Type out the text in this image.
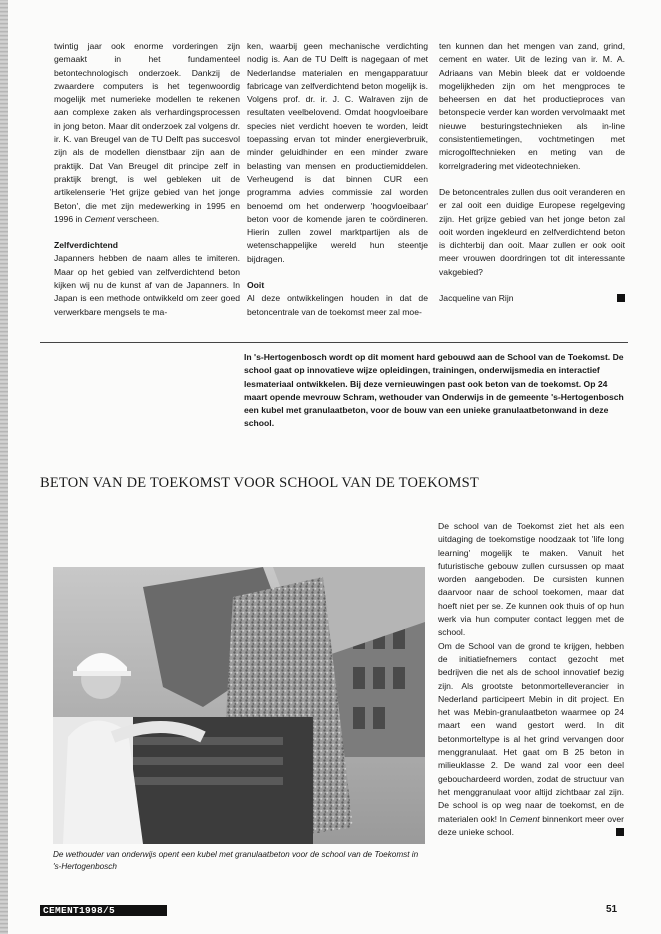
twintig jaar ook enorme vorderingen zijn gemaakt in het fundamenteel betontechnologisch onderzoek. Dankzij de zwaardere computers is het tegenwoordig mogelijk met numerieke modellen te rekenen aan complexe zaken als verhardingsprocessen in jong beton. Maar dit onderzoek zal volgens dr. ir. K. van Breugel van de TU Delft pas succesvol zijn als de modellen dienstbaar zijn aan de praktijk. Dat Van Breugel dit principe zelf in praktijk brengt, is wel gebleken uit de artikelenserie 'Het grijze gebied van het jonge Beton', die met zijn medewerking in 1995 en 1996 in Cement verscheen.

Zelfverdichtend

Japanners hebben de naam alles te imiteren. Maar op het gebied van zelfverdichtend beton kijken wij nu de kunst af van de Japanners. In Japan is een methode ontwikkeld om zeer goed verwerkbare mengsels te ma-

ken, waarbij geen mechanische verdichting nodig is. Aan de TU Delft is nagegaan of met Nederlandse materialen en mengapparatuur fabricage van zelfverdichtend beton mogelijk is. Volgens prof. dr. ir. J. C. Walraven zijn de resultaten veelbelovend. Omdat hoogvloeibare species niet verdicht hoeven te worden, leidt toepassing ervan tot minder energieverbruik, minder geluidhinder en een minder zware belasting van mensen en productiemiddelen. Verheugend is dat binnen CUR een programma advies commissie zal worden benoemd om het onderwerp 'hoogvloeibaar' beton voor de komende jaren te coördineren. Hierin zullen zowel marktpartijen als de wetenschappelijke wereld hun steentje bijdragen.

Ooit

Al deze ontwikkelingen houden in dat de betoncentrale van de toekomst meer zal moe-

ten kunnen dan het mengen van zand, grind, cement en water. Uit de lezing van ir. M. A. Adriaans van Mebin bleek dat er voldoende mogelijkheden zijn om het mengproces te beheersen en dat het productieproces van betonspecie verder kan worden vervolmaakt met nieuwe besturingstechnieken als in-line consistentiemetingen, vochtmetingen met microgolftechnieken en meting van de korrelgradering met videotechnieken.

De betoncentrales zullen dus ooit veranderen en er zal ooit een duidige Europese regelgeving zijn. Het grijze gebied van het jonge beton zal ooit worden ingekleurd en zelfverdichtend beton is dichterbij dan ooit. Maar zullen er ook ooit meer vrouwen doordringen tot dit interessante vakgebied?

Jacqueline van Rijn

In 's-Hertogenbosch wordt op dit moment hard gebouwd aan de School van de Toekomst. De school gaat op innovatieve wijze opleidingen, trainingen, onderwijsmedia en interactief lesmateriaal ontwikkelen. Bij deze vernieuwingen past ook beton van de toekomst. Op 24 maart opende mevrouw Schram, wethouder van Onderwijs in de gemeente 's-Hertogenbosch een kubel met granulaatbeton, voor de bouw van een unieke granulaatbetonwand in deze school.

BETON VAN DE TOEKOMST VOOR SCHOOL VAN DE TOEKOMST
De wethouder van onderwijs opent een kubel met granulaatbeton voor de school van de Toekomst in 's-Hertogenbosch

De school van de Toekomst ziet het als een uitdaging de toekomstige noodzaak tot 'life long learning' mogelijk te maken. Vanuit het futuristische gebouw zullen cursussen op maat worden aangeboden. De cursisten kunnen daarvoor naar de school toekomen, maar dat hoeft niet per se. Ze kunnen ook thuis of op hun werk via hun computer contact leggen met de school.

Om de School van de grond te krijgen, hebben de initiatiefnemers contact gezocht met bedrijven die net als de school innovatief bezig zijn. Als grootste betonmortelleverancier in Nederland participeert Mebin in dit project. En het was Mebin-granulaatbeton waarmee op 24 maart een wand gestort werd. In dit betonmorteltype is al het grind vervangen door menggranulaat. Het gaat om B 25 beton in milieuklasse 2. De wand zal voor een deel gebouchardeerd worden, zodat de structuur van het menggranulaat voor altijd zichtbaar zal zijn. De school is op weg naar de toekomst, en de materialen ook! In Cement binnenkort meer over deze unieke school.

CEMENT1998/5	51
